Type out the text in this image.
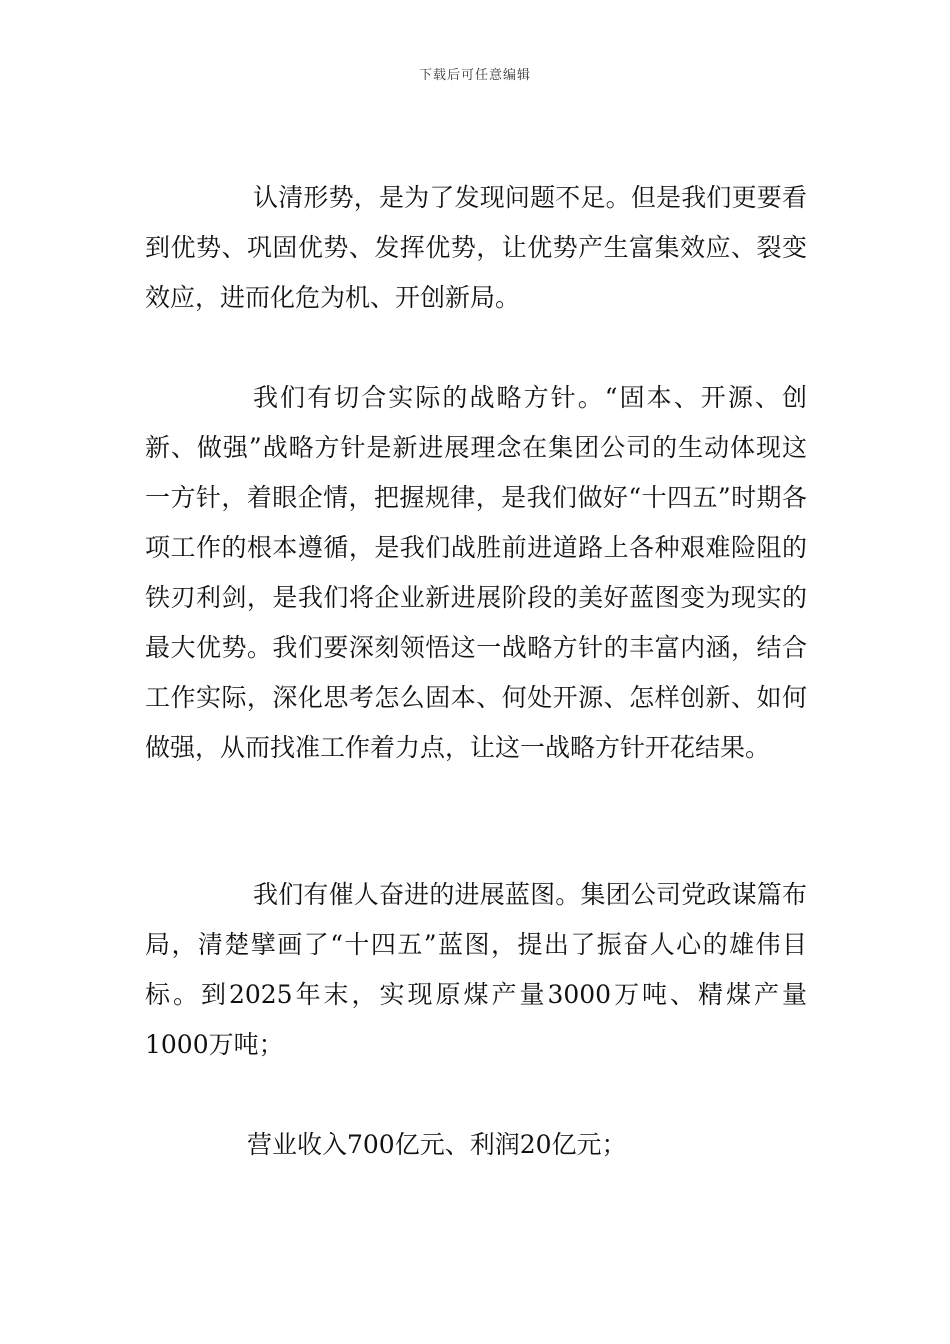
下载后可任意编辑

认清形势，是为了发现问题不足。但是我们更要看到优势、巩固优势、发挥优势，让优势产生富集效应、裂变效应，进而化危为机、开创新局。

我们有切合实际的战略方针。“固本、开源、创新、做强”战略方针是新进展理念在集团公司的生动体现这一方针，着眼企情，把握规律，是我们做好“十四五”时期各项工作的根本遵循，是我们战胜前进道路上各种艰难险阻的铁刃利剑，是我们将企业新进展阶段的美好蓝图变为现实的最大优势。我们要深刻领悟这一战略方针的丰富内涵，结合工作实际，深化思考怎么固本、何处开源、怎样创新、如何做强，从而找准工作着力点，让这一战略方针开花结果。

我们有催人奋进的进展蓝图。集团公司党政谋篇布局，清楚擘画了“十四五”蓝图，提出了振奋人心的雄伟目标。到2025年末，实现原煤产量3000万吨、精煤产量1000万吨；

营业收入700亿元、利润20亿元；
